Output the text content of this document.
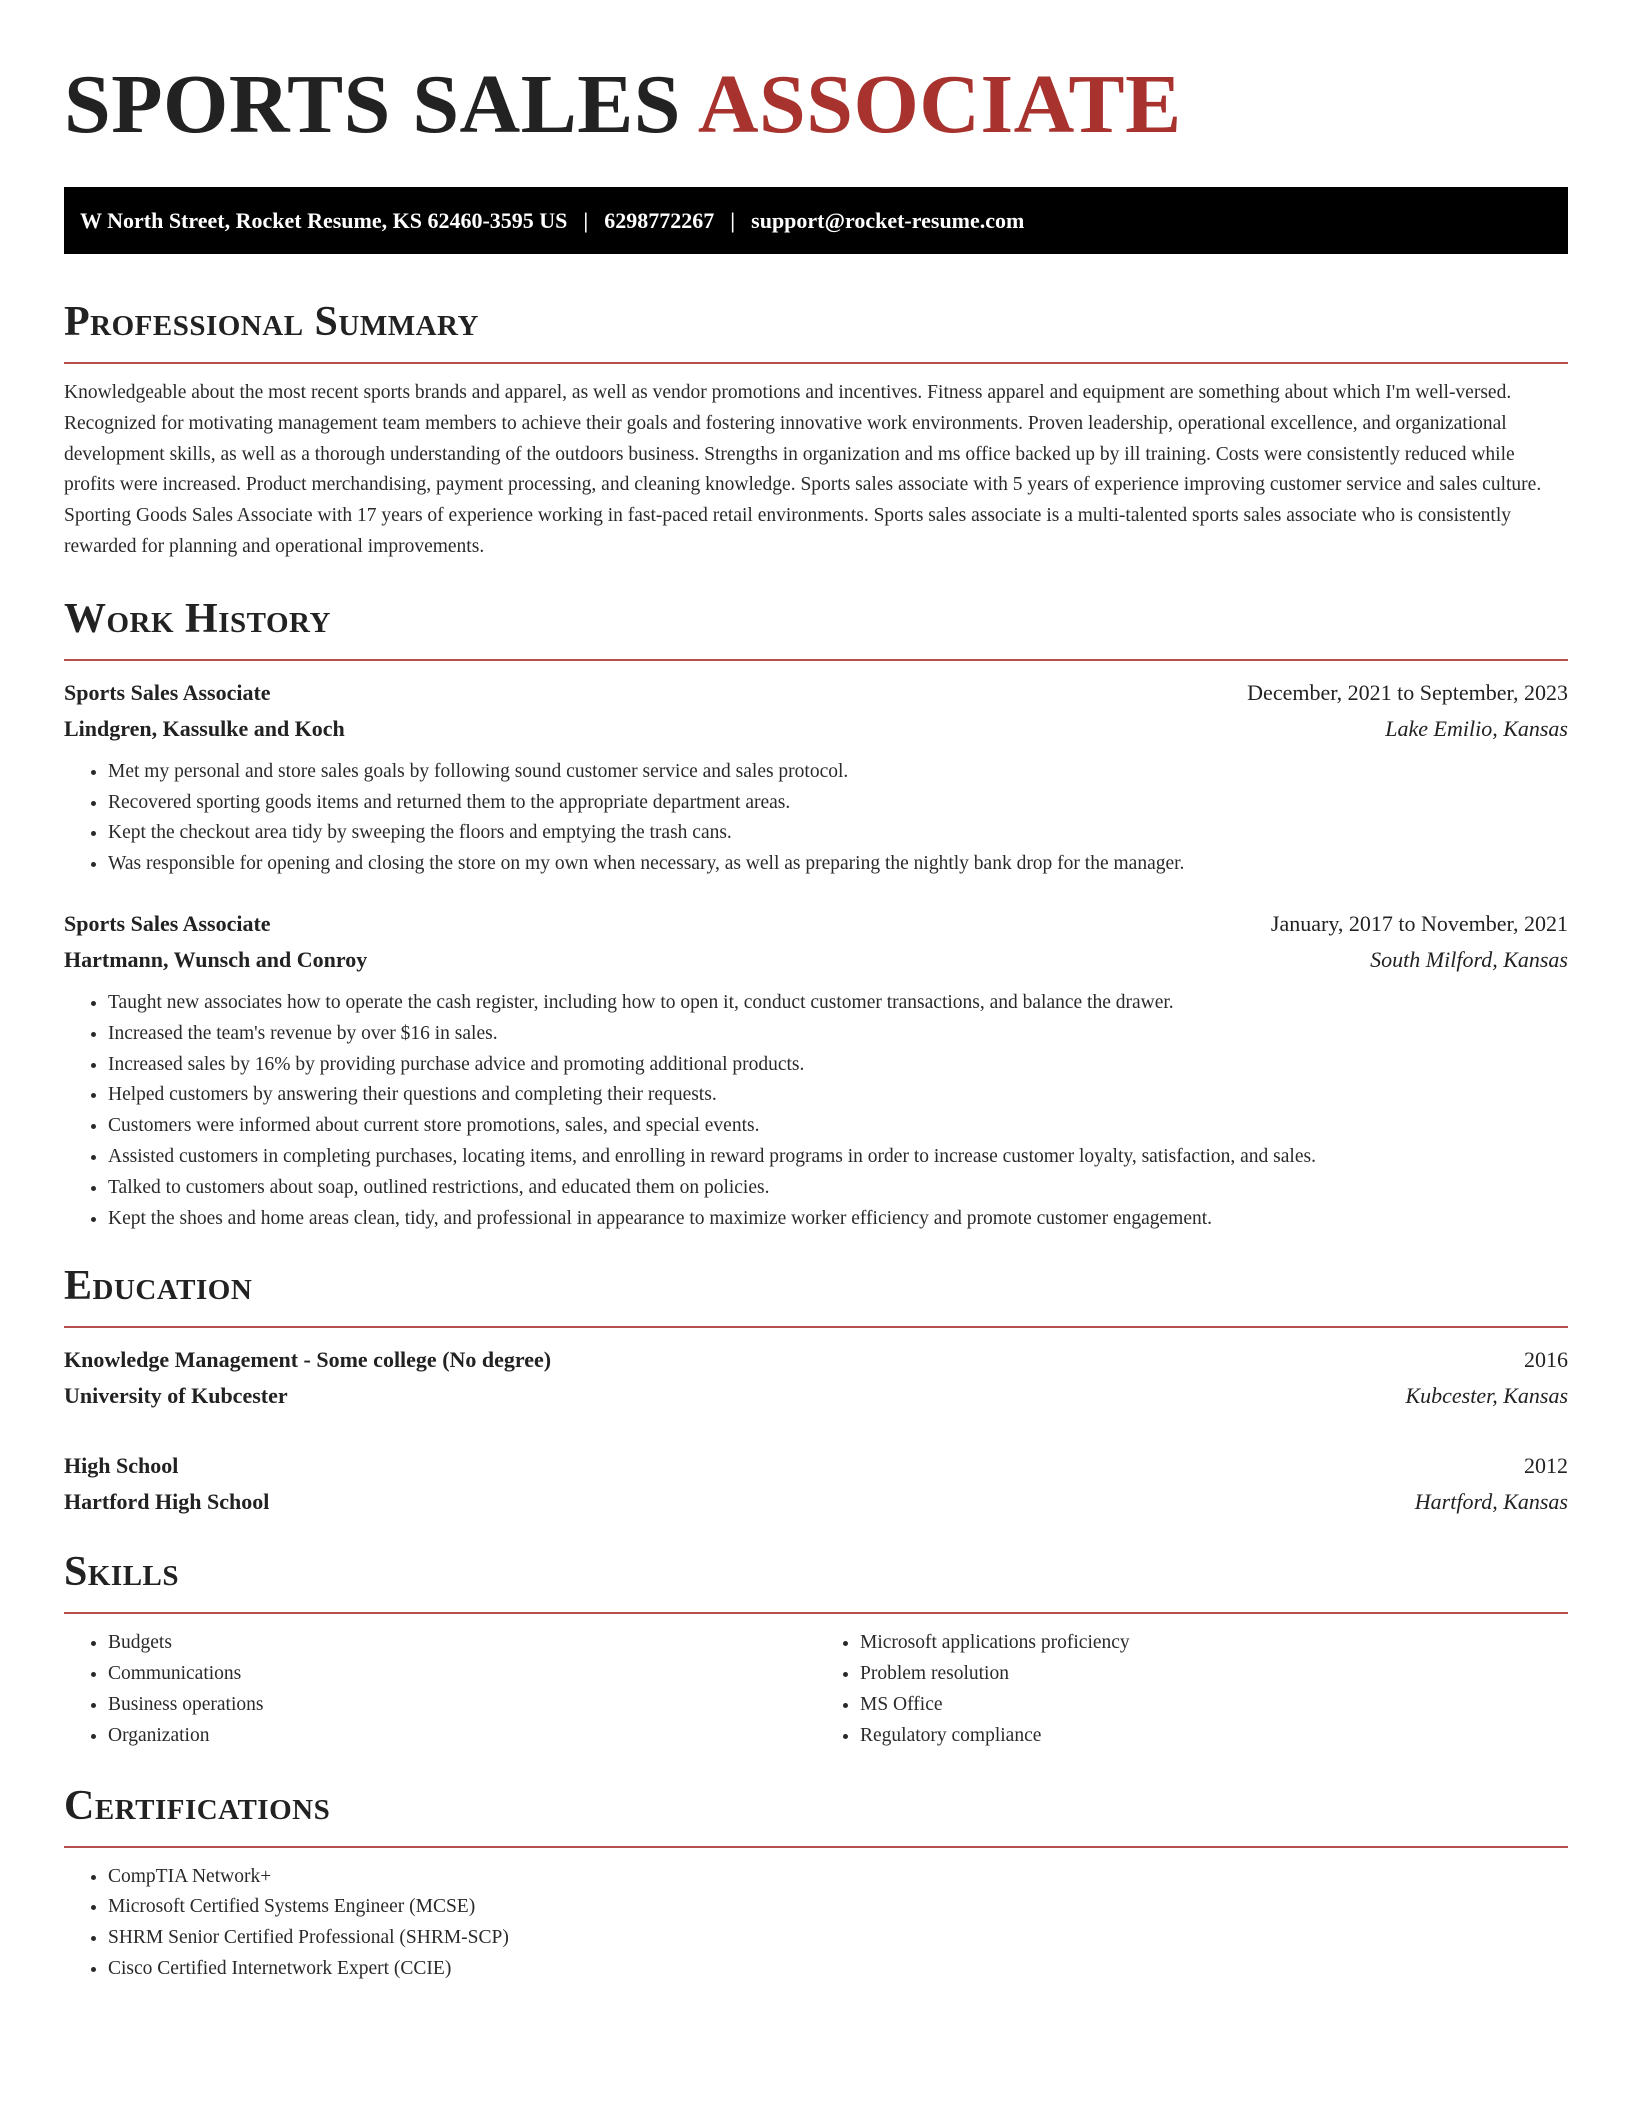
SPORTS SALES ASSOCIATE
W North Street, Rocket Resume, KS 62460-3595 US | 6298772267 | support@rocket-resume.com
Professional Summary

Knowledgeable about the most recent sports brands and apparel, as well as vendor promotions and incentives. Fitness apparel and equipment are something about which I'm well-versed. Recognized for motivating management team members to achieve their goals and fostering innovative work environments. Proven leadership, operational excellence, and organizational development skills, as well as a thorough understanding of the outdoors business. Strengths in organization and ms office backed up by ill training. Costs were consistently reduced while profits were increased. Product merchandising, payment processing, and cleaning knowledge. Sports sales associate with 5 years of experience improving customer service and sales culture. Sporting Goods Sales Associate with 17 years of experience working in fast-paced retail environments. Sports sales associate is a multi-talented sports sales associate who is consistently rewarded for planning and operational improvements.

Work History
Sports Sales Associate	December, 2021 to September, 2023
Lindgren, Kassulke and Koch	Lake Emilio, Kansas
• Met my personal and store sales goals by following sound customer service and sales protocol.
• Recovered sporting goods items and returned them to the appropriate department areas.
• Kept the checkout area tidy by sweeping the floors and emptying the trash cans.
• Was responsible for opening and closing the store on my own when necessary, as well as preparing the nightly bank drop for the manager.
Sports Sales Associate	January, 2017 to November, 2021
Hartmann, Wunsch and Conroy	South Milford, Kansas
• Taught new associates how to operate the cash register, including how to open it, conduct customer transactions, and balance the drawer.
• Increased the team's revenue by over $16 in sales.
• Increased sales by 16% by providing purchase advice and promoting additional products.
• Helped customers by answering their questions and completing their requests.
• Customers were informed about current store promotions, sales, and special events.
• Assisted customers in completing purchases, locating items, and enrolling in reward programs in order to increase customer loyalty, satisfaction, and sales.
• Talked to customers about soap, outlined restrictions, and educated them on policies.
• Kept the shoes and home areas clean, tidy, and professional in appearance to maximize worker efficiency and promote customer engagement.
Education
Knowledge Management - Some college (No degree)	2016
University of Kubcester	Kubcester, Kansas
High School	2012
Hartford High School	Hartford, Kansas
Skills
• Budgets
• Communications
• Business operations
• Organization
• Microsoft applications proficiency
• Problem resolution
• MS Office
• Regulatory compliance
Certifications
• CompTIA Network+
• Microsoft Certified Systems Engineer (MCSE)
• SHRM Senior Certified Professional (SHRM-SCP)
• Cisco Certified Internetwork Expert (CCIE)
